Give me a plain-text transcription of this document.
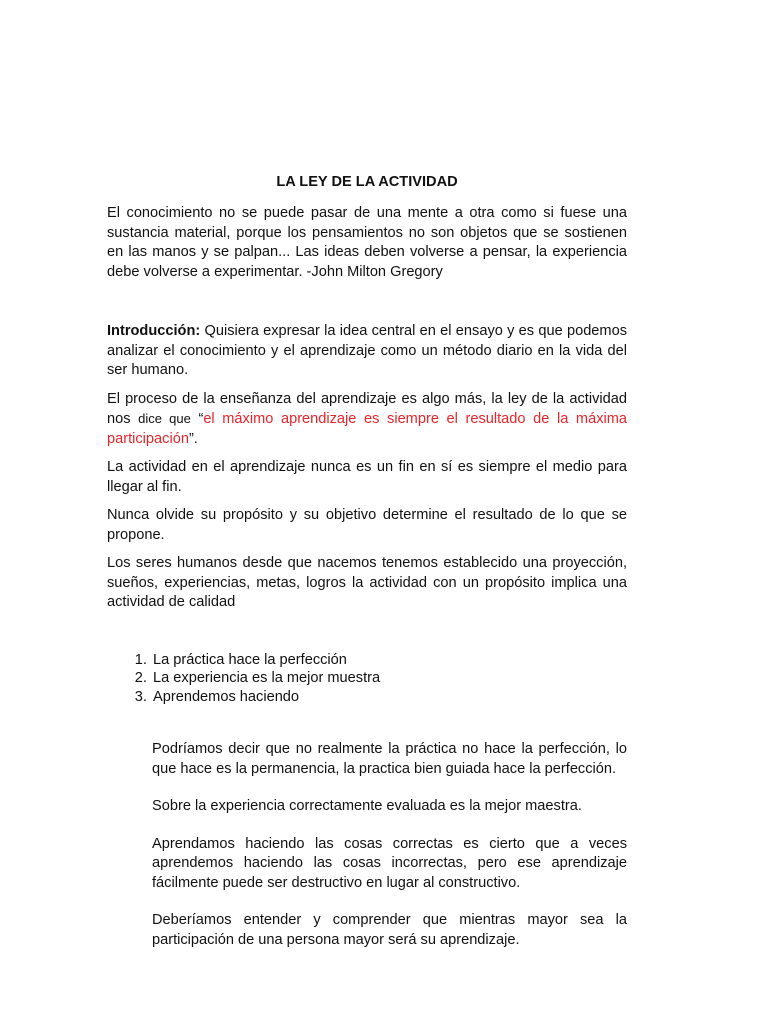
LA LEY DE LA ACTIVIDAD

El conocimiento no se puede pasar de una mente a otra como si fuese una sustancia material, porque los pensamientos no son objetos que se sostienen en las manos y se palpan... Las ideas deben volverse a pensar, la experiencia debe volverse a experimentar. -John Milton Gregory

Introducción: Quisiera expresar la idea central en el ensayo y es que podemos analizar el conocimiento y el aprendizaje como un método diario en la vida del ser humano.

El proceso de la enseñanza del aprendizaje es algo más, la ley de la actividad nos dice que “el máximo aprendizaje es siempre el resultado de la máxima participación”.

La actividad en el aprendizaje nunca es un fin en sí es siempre el medio para llegar al fin.

Nunca olvide su propósito y su objetivo determine el resultado de lo que se propone.

Los seres humanos desde que nacemos tenemos establecido una proyección, sueños, experiencias, metas, logros la actividad con un propósito implica una actividad de calidad

1. La práctica hace la perfección
2. La experiencia es la mejor muestra
3. Aprendemos haciendo

Podríamos decir que no realmente la práctica no hace la perfección, lo que hace es la permanencia, la practica bien guiada hace la perfección.

Sobre la experiencia correctamente evaluada es la mejor maestra.

Aprendamos haciendo las cosas correctas es cierto que a veces aprendemos haciendo las cosas incorrectas, pero ese aprendizaje fácilmente puede ser destructivo en lugar al constructivo.

Deberíamos entender y comprender que mientras mayor sea la participación de una persona mayor será su aprendizaje.
